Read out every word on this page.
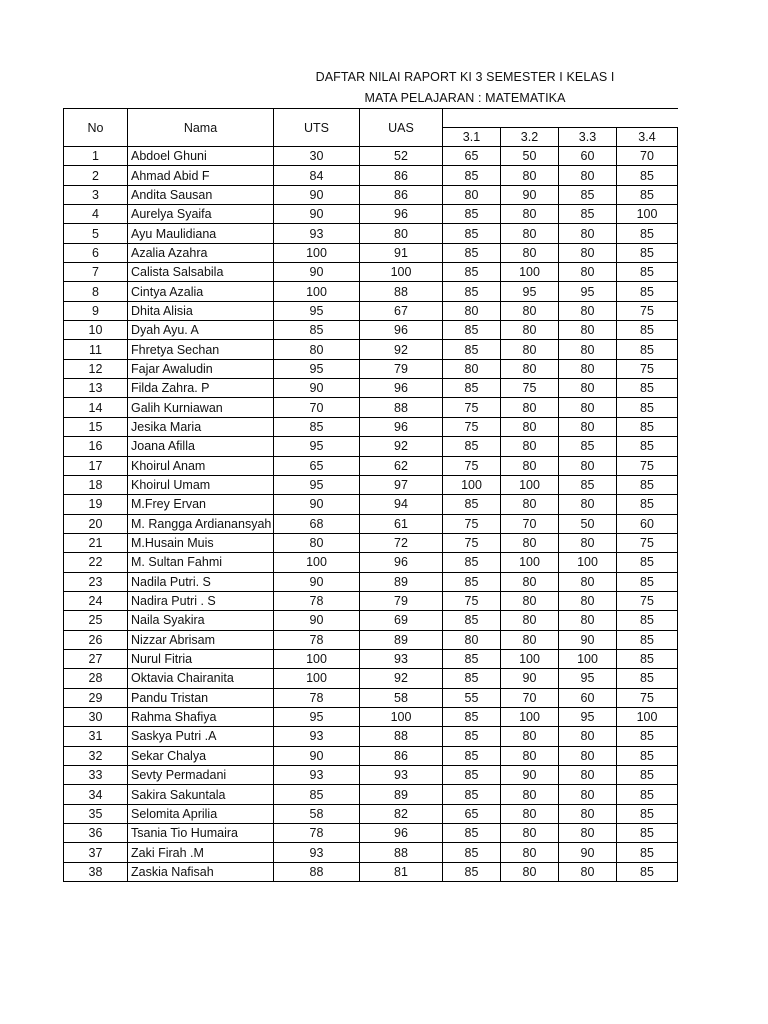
DAFTAR NILAI RAPORT KI 3 SEMESTER I KELAS I
MATA PELAJARAN : MATEMATIKA
No	Nama	UTS	UAS				
				3.1	3.2	3.3	3.4
1	Abdoel Ghuni	30	52	65	50	60	70
2	Ahmad Abid F	84	86	85	80	80	85
3	Andita Sausan	90	86	80	90	85	85
4	Aurelya Syaifa	90	96	85	80	85	100
5	Ayu Maulidiana	93	80	85	80	80	85
6	Azalia Azahra	100	91	85	80	80	85
7	Calista Salsabila	90	100	85	100	80	85
8	Cintya Azalia	100	88	85	95	95	85
9	Dhita Alisia	95	67	80	80	80	75
10	Dyah Ayu. A	85	96	85	80	80	85
11	Fhretya Sechan	80	92	85	80	80	85
12	Fajar Awaludin	95	79	80	80	80	75
13	Filda Zahra. P	90	96	85	75	80	85
14	Galih Kurniawan	70	88	75	80	80	85
15	Jesika Maria	85	96	75	80	80	85
16	Joana Afilla	95	92	85	80	85	85
17	Khoirul Anam	65	62	75	80	80	75
18	Khoirul Umam	95	97	100	100	85	85
19	M.Frey Ervan	90	94	85	80	80	85
20	M. Rangga Ardianansyah	68	61	75	70	50	60
21	M.Husain Muis	80	72	75	80	80	75
22	M. Sultan Fahmi	100	96	85	100	100	85
23	Nadila Putri. S	90	89	85	80	80	85
24	Nadira Putri . S	78	79	75	80	80	75
25	Naila Syakira	90	69	85	80	80	85
26	Nizzar Abrisam	78	89	80	80	90	85
27	Nurul Fitria	100	93	85	100	100	85
28	Oktavia Chairanita	100	92	85	90	95	85
29	Pandu Tristan	78	58	55	70	60	75
30	Rahma Shafiya	95	100	85	100	95	100
31	Saskya Putri .A	93	88	85	80	80	85
32	Sekar Chalya	90	86	85	80	80	85
33	Sevty Permadani	93	93	85	90	80	85
34	Sakira Sakuntala	85	89	85	80	80	85
35	Selomita Aprilia	58	82	65	80	80	85
36	Tsania Tio Humaira	78	96	85	80	80	85
37	Zaki Firah .M	93	88	85	80	90	85
38	Zaskia Nafisah	88	81	85	80	80	85
